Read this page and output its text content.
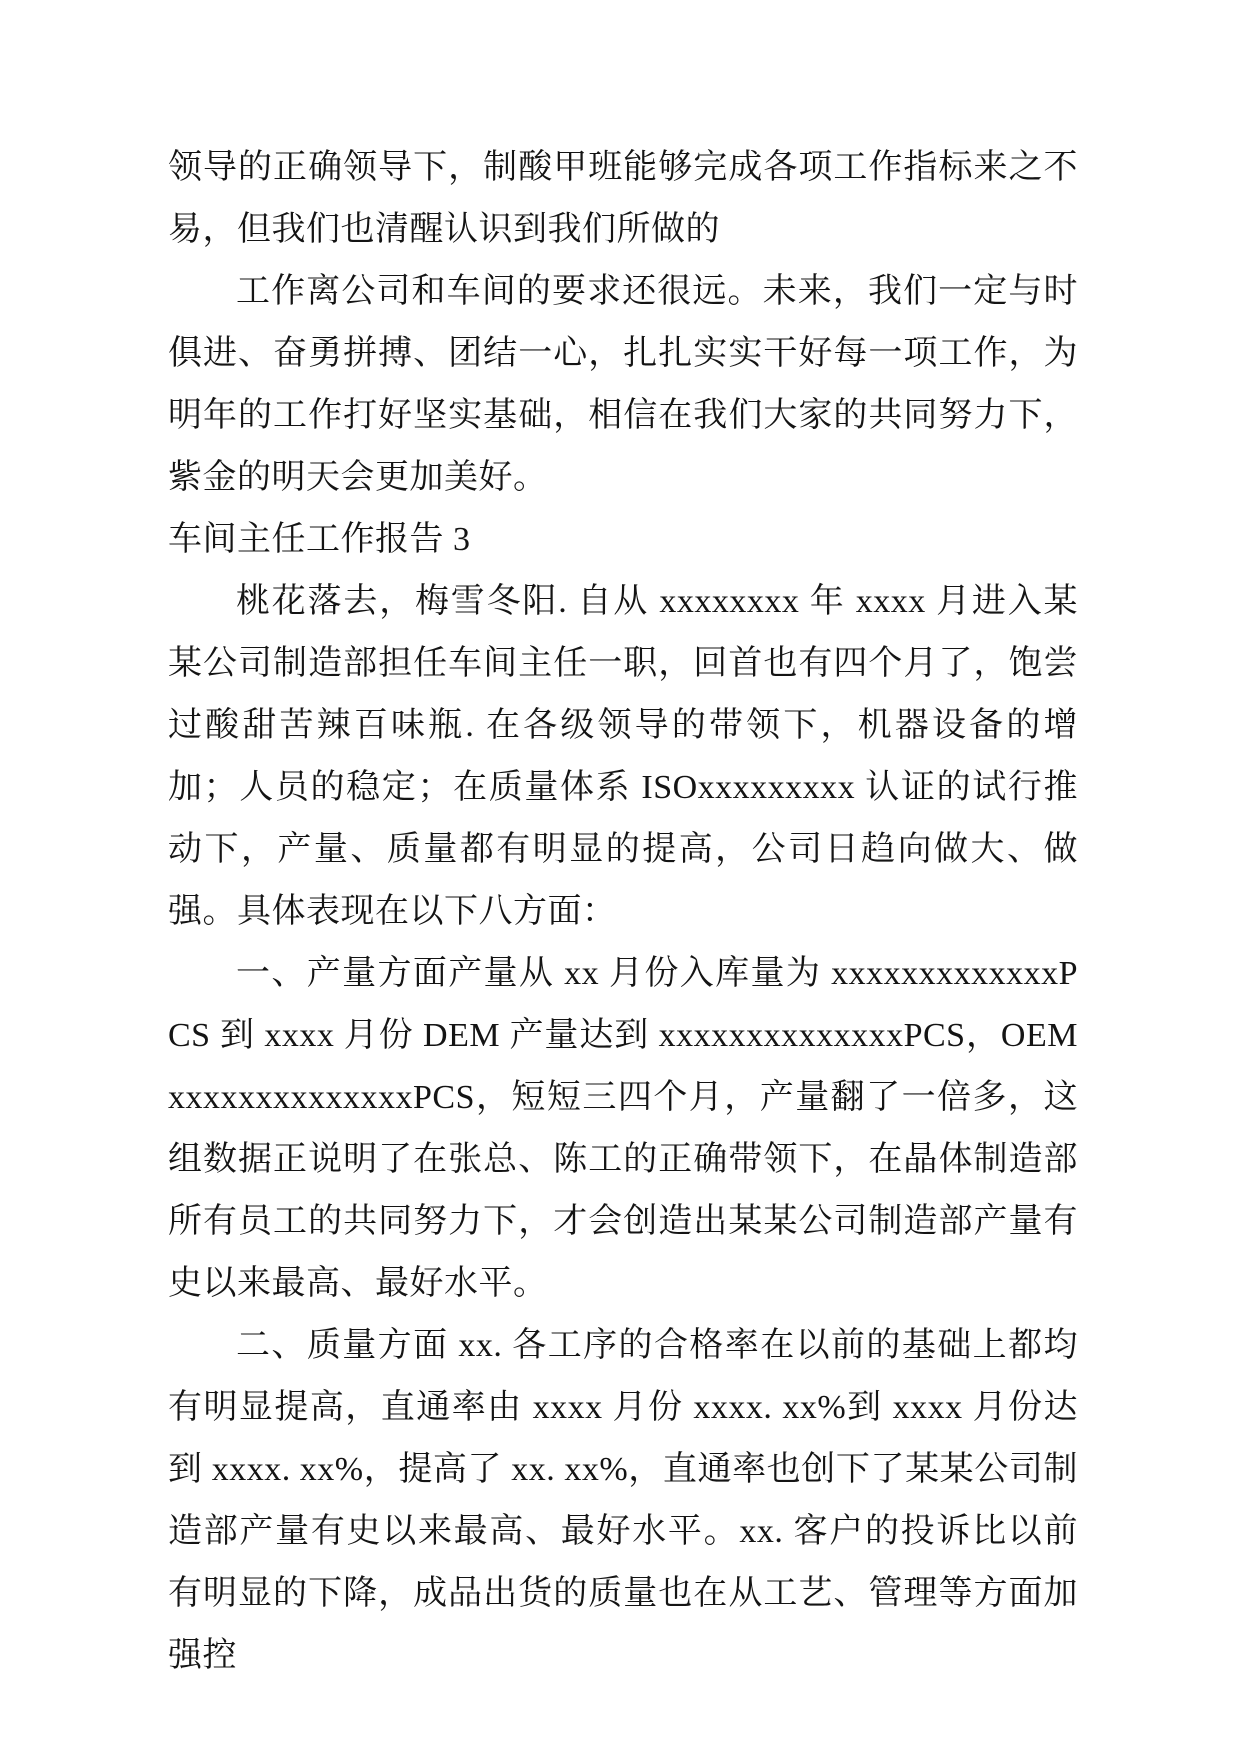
领导的正确领导下，制酸甲班能够完成各项工作指标来之不易，但我们也清醒认识到我们所做的

工作离公司和车间的要求还很远。未来，我们一定与时俱进、奋勇拼搏、团结一心，扎扎实实干好每一项工作，为明年的工作打好坚实基础，相信在我们大家的共同努力下，紫金的明天会更加美好。

车间主任工作报告 3

桃花落去，梅雪冬阳. 自从 xxxxxxxx 年 xxxx 月进入某某公司制造部担任车间主任一职，回首也有四个月了，饱尝过酸甜苦辣百味瓶. 在各级领导的带领下，机器设备的增加；人员的稳定；在质量体系 ISOxxxxxxxxx 认证的试行推动下，产量、质量都有明显的提高，公司日趋向做大、做强。具体表现在以下八方面：

一、产量方面产量从 xx 月份入库量为 xxxxxxxxxxxxxPCS 到 xxxx 月份 DEM 产量达到 xxxxxxxxxxxxxxPCS，OEMxxxxxxxxxxxxxxPCS，短短三四个月，产量翻了一倍多，这组数据正说明了在张总、陈工的正确带领下，在晶体制造部所有员工的共同努力下，才会创造出某某公司制造部产量有史以来最高、最好水平。

二、质量方面 xx. 各工序的合格率在以前的基础上都均有明显提高，直通率由 xxxx 月份 xxxx. xx%到 xxxx 月份达到 xxxx. xx%，提高了 xx. xx%，直通率也创下了某某公司制造部产量有史以来最高、最好水平。xx. 客户的投诉比以前有明显的下降，成品出货的质量也在从工艺、管理等方面加强控
